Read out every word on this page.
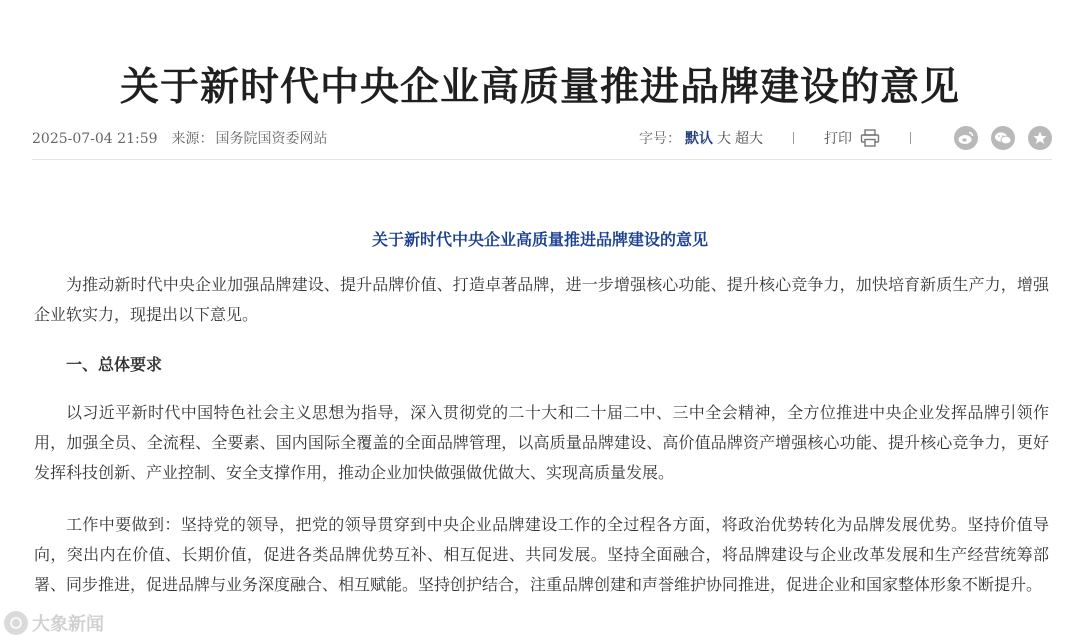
关于新时代中央企业高质量推进品牌建设的意见
2025-07-04 21:59 来源： 国务院国资委网站	字号： 默认 大 超大	打印
关于新时代中央企业高质量推进品牌建设的意见

为推动新时代中央企业加强品牌建设、提升品牌价值、打造卓著品牌，进一步增强核心功能、提升核心竞争力，加快培育新质生产力，增强企业软实力，现提出以下意见。

一、总体要求

以习近平新时代中国特色社会主义思想为指导，深入贯彻党的二十大和二十届二中、三中全会精神，全方位推进中央企业发挥品牌引领作用，加强全员、全流程、全要素、国内国际全覆盖的全面品牌管理，以高质量品牌建设、高价值品牌资产增强核心功能、提升核心竞争力，更好发挥科技创新、产业控制、安全支撑作用，推动企业加快做强做优做大、实现高质量发展。

工作中要做到：坚持党的领导，把党的领导贯穿到中央企业品牌建设工作的全过程各方面，将政治优势转化为品牌发展优势。坚持价值导向，突出内在价值、长期价值，促进各类品牌优势互补、相互促进、共同发展。坚持全面融合，将品牌建设与企业改革发展和生产经营统筹部署、同步推进，促进品牌与业务深度融合、相互赋能。坚持创护结合，注重品牌创建和声誉维护协同推进，促进企业和国家整体形象不断提升。

大象新闻
